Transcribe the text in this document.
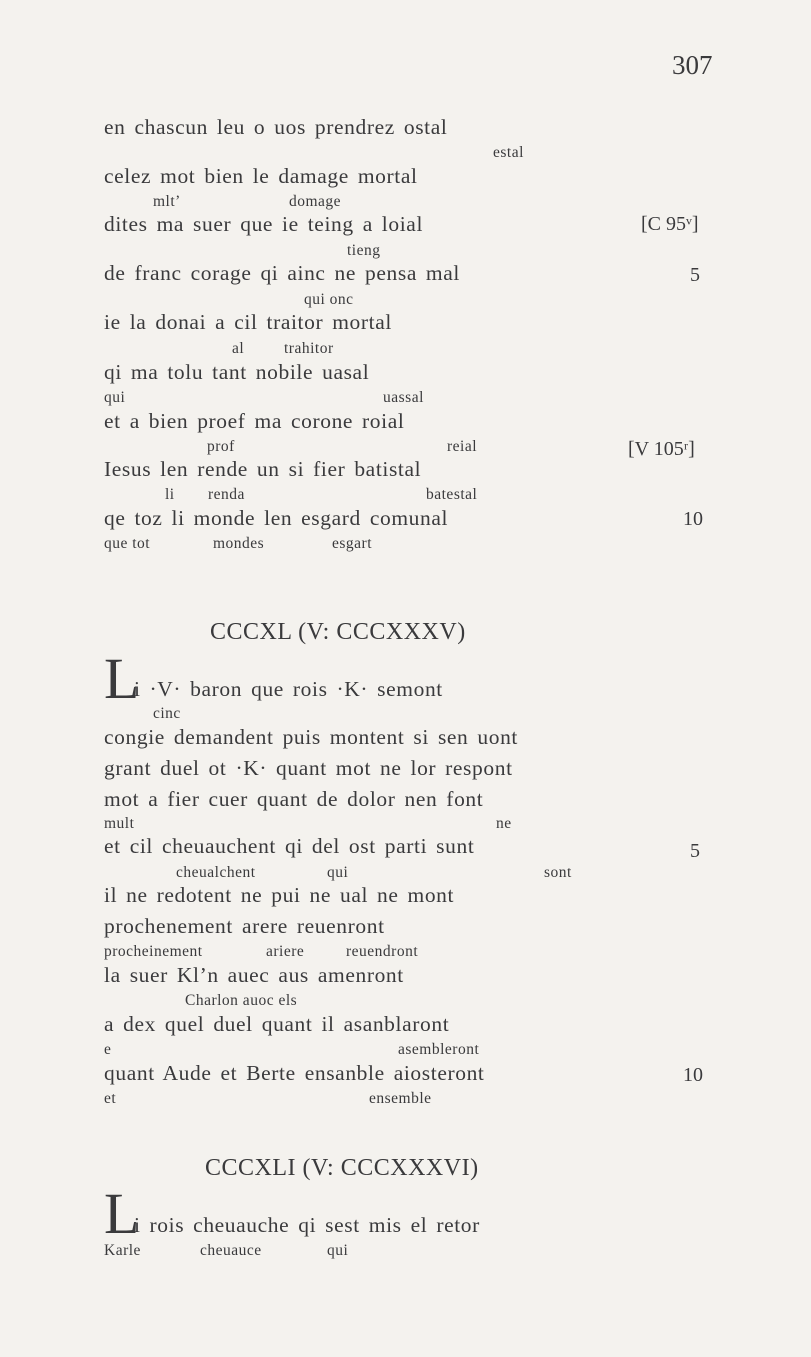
307
en chascun leu o uos prendrez ostal
estal
celez mot bien le damage mortal
mlt’	domage
dites ma suer que ie teing a loial	[C 95ᵛ]
tieng
de franc corage qi ainc ne pensa mal	5
qui onc
ie la donai a cil traitor mortal
al	trahitor
qi ma tolu tant nobile uasal
qui	uassal
et a bien proef ma corone roial
prof	reial	[V 105ʳ]
Iesus len rende un si fier batistal
li renda	batestal
qe toz li monde len esgard comunal	10
que tot	mondes	esgart
CCCXL (V: CCCXXXV)
L
i ·V· baron que rois ·K· semont
cinc
congie demandent puis montent si sen uont
grant duel ot ·K· quant mot ne lor respont
mot a fier cuer quant de dolor nen font
mult	ne
et cil cheuauchent qi del ost parti sunt	5
cheualchent	qui	sont
il ne redotent ne pui ne ual ne mont
prochenement arere reuenront
procheinement	ariere	reuendront
la suer Kl’n auec aus amenront
Charlon auoc els
a dex quel duel quant il asanblaront
e	asembleront
quant Aude et Berte ensanble aiosteront	10
et	ensemble
CCCXLI (V: CCCXXXVI)
L
i rois cheuauche qi sest mis el retor
Karle	cheuauce	qui
